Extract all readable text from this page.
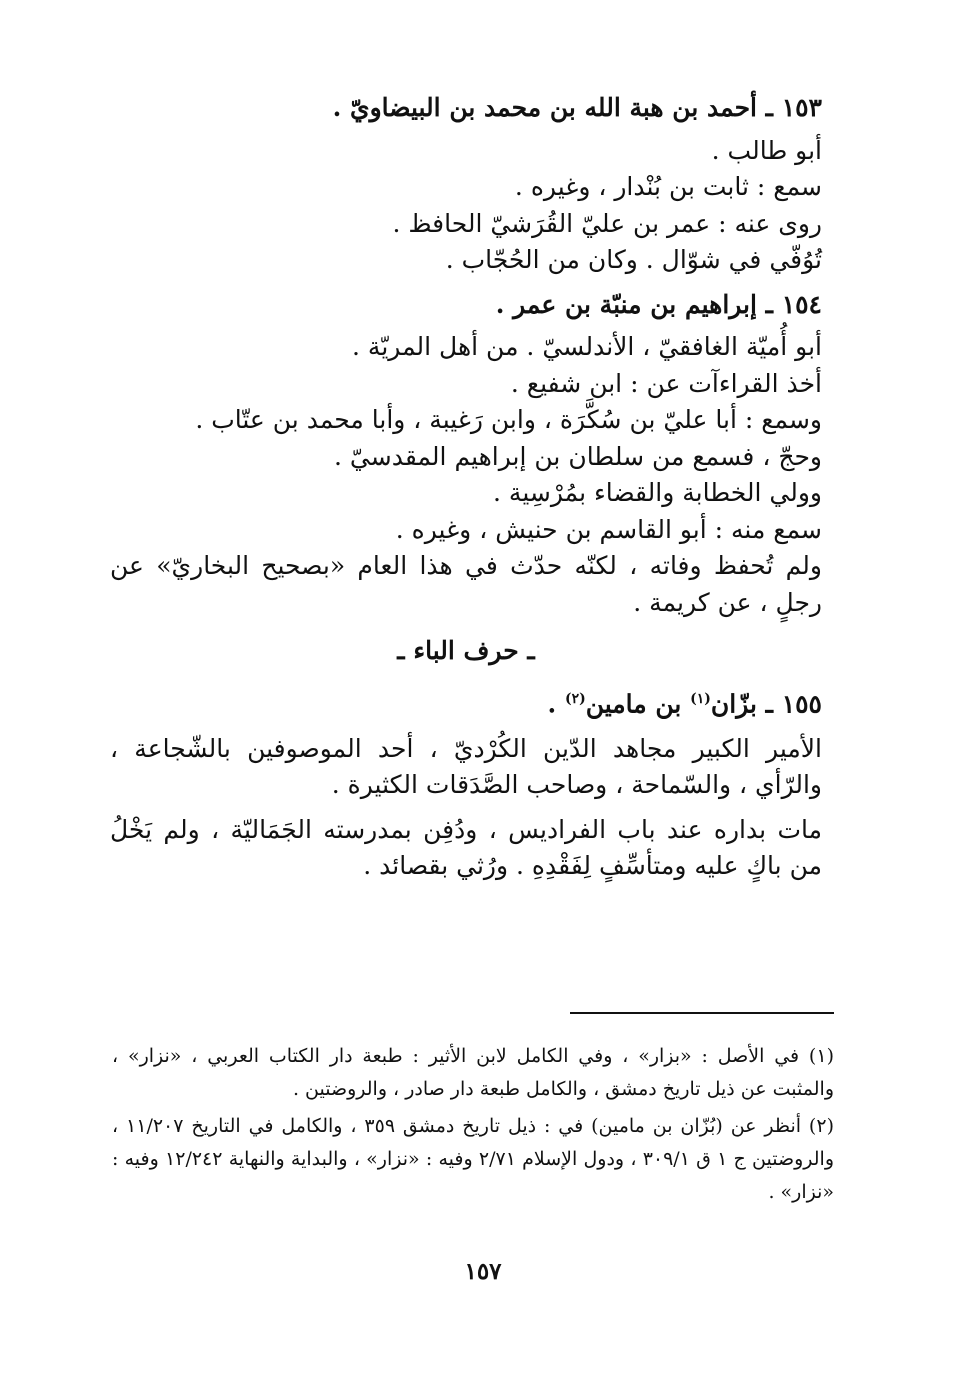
١٥٣ ـ أحمد بن هبة الله بن محمد بن البيضاويّ .
أبو طالب .
سمع : ثابت بن بُنْدار ، وغيره .
روى عنه : عمر بن عليّ القُرَشيّ الحافظ .
تُوُفّي في شوّال . وكان من الحُجّاب .
١٥٤ ـ إبراهيم بن منبّة بن عمر .
أبو أُميّة الغافقيّ ، الأندلسيّ . من أهل المريّة .
أخذ القراءآت عن : ابن شفيع .
وسمع : أبا عليّ بن سُكَّرَة ، وابن رَغيبة ، وأبا محمد بن عتّاب .
وحجّ ، فسمع من سلطان بن إبراهيم المقدسيّ .
وولي الخطابة والقضاء بمُرْسِية .
سمع منه : أبو القاسم بن حنيش ، وغيره .
ولم تُحفظ وفاته ، لكنّه حدّث في هذا العام «بصحيح البخاريّ» عن رجلٍ ، عن كريمة .
ـ حرف الباء ـ
١٥٥ ـ بزّان$^{(١)}$ بن مامين$^{(٢)}$ .
الأمير الكبير مجاهد الدّين الكُرْديّ ، أحد الموصوفين بالشّجاعة ، والرّأي ، والسّماحة ، وصاحب الصَّدَقات الكثيرة .
مات بداره عند باب الفراديس ، ودُفِن بمدرسته الجَمَاليّة ، ولم يَخْلُ من باكٍ عليه ومتأسِّفٍ لِفَقْدِهِ . ورُثي بقصائد .
(١) في الأصل : «بزار» ، وفي الكامل لابن الأثير : طبعة دار الكتاب العربي ، «نزار» ، والمثبت عن ذيل تاريخ دمشق ، والكامل طبعة دار صادر ، والروضتين .
(٢) أنظر عن (بُزّان بن مامين) في : ذيل تاريخ دمشق ٣٥٩ ، والكامل في التاريخ ١١/٢٠٧ ، والروضتين ج ١ ق ٣٠٩/١ ، ودول الإسلام ٢/٧١ وفيه : «نزار» ، والبداية والنهاية ١٢/٢٤٢ وفيه : «نزار» .
١٥٧
